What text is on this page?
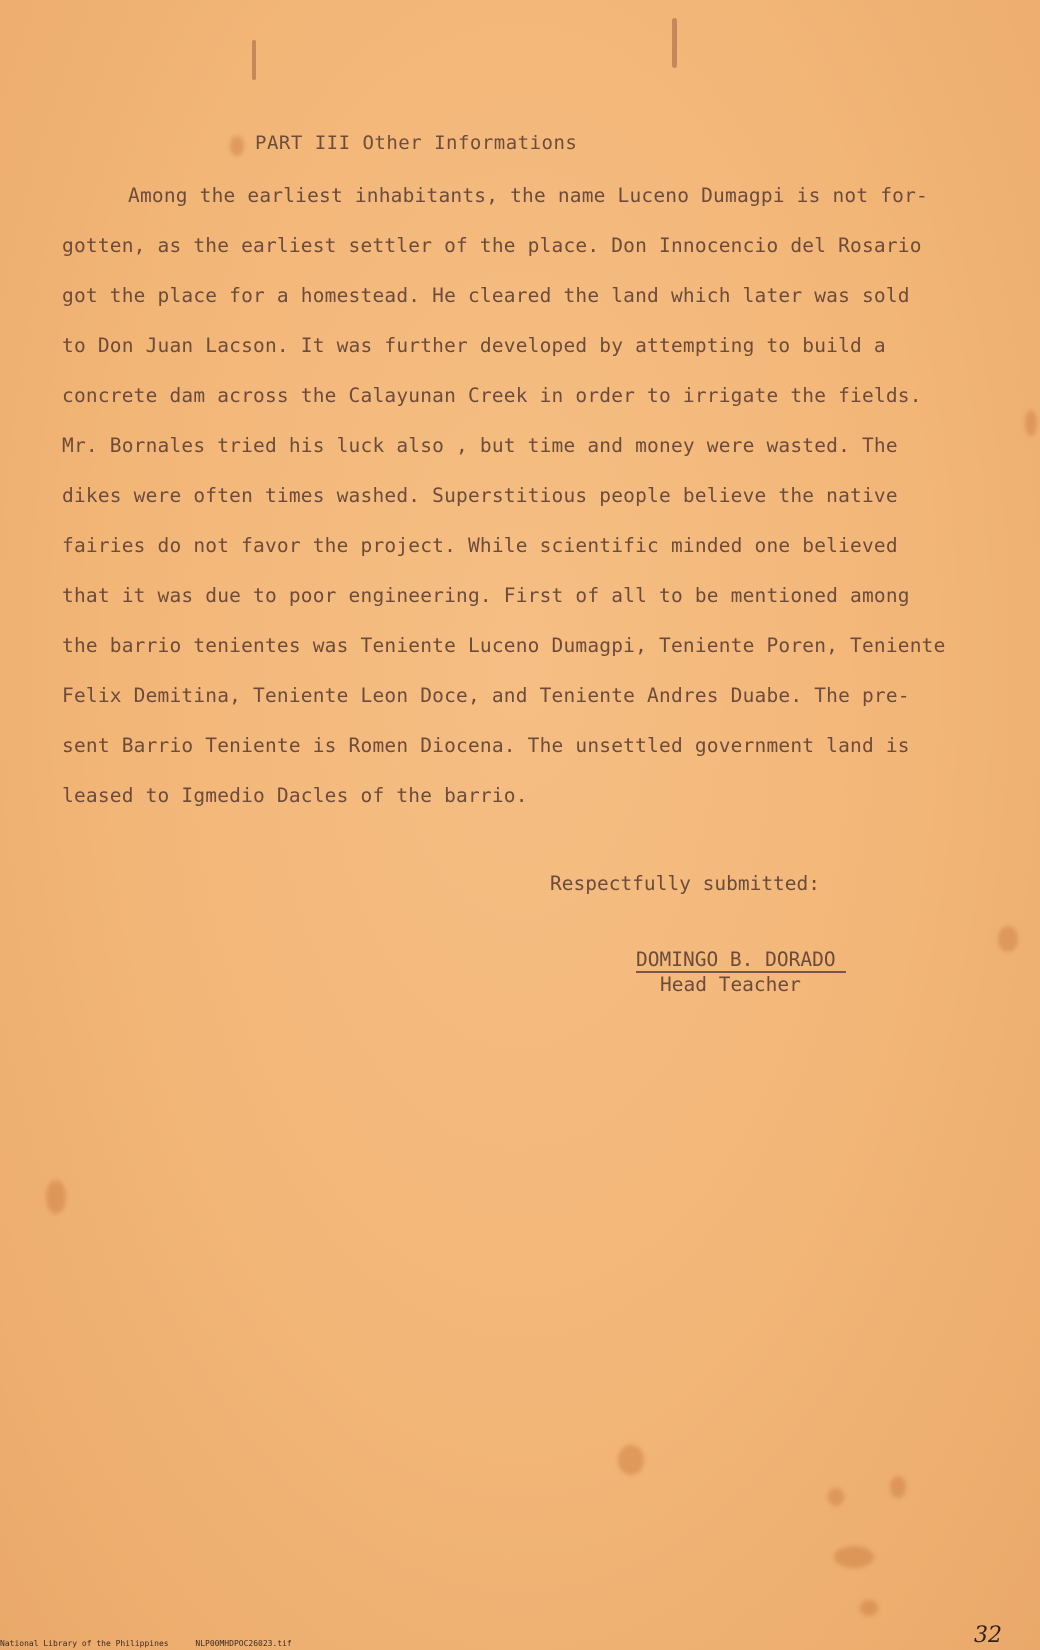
PART III Other Informations
Among the earliest inhabitants, the name Luceno Dumagpi is not for-
gotten, as the earliest settler of the place. Don Innocencio del Rosario
got the place for a homestead. He cleared the land which later was sold
to Don Juan Lacson. It was further developed by attempting to build a
concrete dam across the Calayunan Creek in order to irrigate the fields.
Mr. Bornales tried his luck also , but time and money were wasted. The
dikes were often times washed. Superstitious people believe the native
fairies do not favor the project. While scientific minded one believed
that it was due to poor engineering. First of all to be mentioned among
the barrio tenientes was Teniente Luceno Dumagpi, Teniente Poren, Teniente
Felix Demitina, Teniente Leon Doce, and Teniente Andres Duabe. The pre-
sent Barrio Teniente is Romen Diocena. The unsettled government land is
leased to Igmedio Dacles of the barrio.
Respectfully submitted:
DOMINGO B. DORADO
Head Teacher
National Library of the Philippines	NLP00MHDPOC26023.tif	32
